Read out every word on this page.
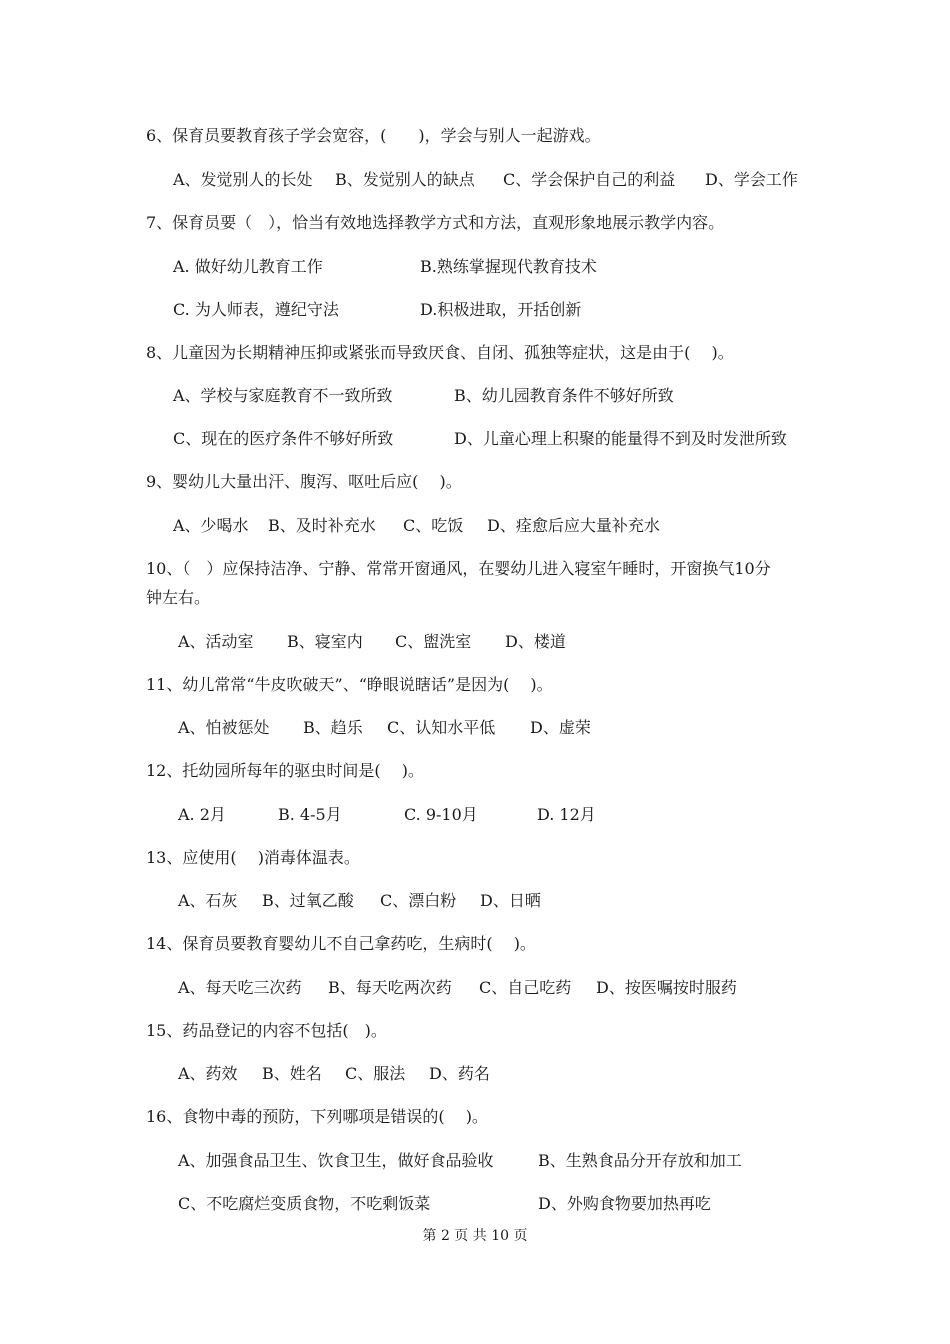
6、保育员要教育孩子学会宽容，(　　)，学会与别人一起游戏。

A、发觉别人的长处 B、发觉别人的缺点 C、学会保护自己的利益 D、学会工作

7、保育员要（　），恰当有效地选择教学方式和方法，直观形象地展示教学内容。

A. 做好幼儿教育工作	B.熟练掌握现代教育技术

C. 为人师表，遵纪守法	D.积极进取，开括创新

8、儿童因为长期精神压抑或紧张而导致厌食、自闭、孤独等症状，这是由于(　 )。

A、学校与家庭教育不一致所致	B、幼儿园教育条件不够好所致

C、现在的医疗条件不够好所致	D、儿童心理上积聚的能量得不到及时发泄所致

9、婴幼儿大量出汗、腹泻、呕吐后应(　 )。

A、少喝水 B、及时补充水 C、吃饭 D、痊愈后应大量补充水

10、（　）应保持洁净、宁静、常常开窗通风，在婴幼儿进入寝室午睡时，开窗换气10分

钟左右。

A、活动室 B、寝室内 C、盥洗室 D、楼道

11、幼儿常常“牛皮吹破天”、“睁眼说瞎话”是因为(　 )。

A、怕被惩处 B、趋乐 C、认知水平低 D、虚荣

12、托幼园所每年的驱虫时间是(　 )。

A. 2月	B. 4-5月	C. 9-10月	D. 12月

13、应使用(　 )消毒体温表。

A、石灰 B、过氧乙酸 C、漂白粉 D、日晒

14、保育员要教育婴幼儿不自己拿药吃，生病时(　 )。

A、每天吃三次药 B、每天吃两次药 C、自己吃药 D、按医嘱按时服药

15、药品登记的内容不包括(　)。

A、药效 B、姓名 C、服法 D、药名

16、食物中毒的预防，下列哪项是错误的(　 )。

A、加强食品卫生、饮食卫生，做好食品验收	B、生熟食品分开存放和加工

C、不吃腐烂变质食物，不吃剩饭菜	D、外购食物要加热再吃

第 2 页 共 10 页
